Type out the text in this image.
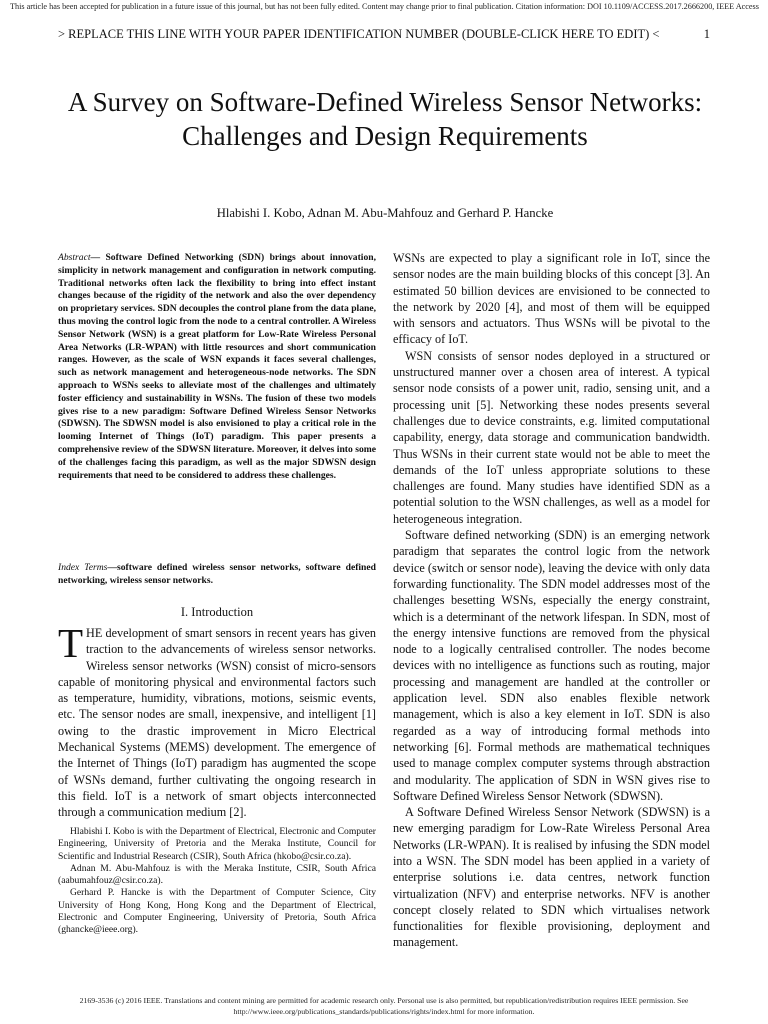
This article has been accepted for publication in a future issue of this journal, but has not been fully edited. Content may change prior to final publication. Citation information: DOI 10.1109/ACCESS.2017.2666200, IEEE Access
> REPLACE THIS LINE WITH YOUR PAPER IDENTIFICATION NUMBER (DOUBLE-CLICK HERE TO EDIT) <	1
A Survey on Software-Defined Wireless Sensor Networks: Challenges and Design Requirements
Hlabishi I. Kobo, Adnan M. Abu-Mahfouz and Gerhard P. Hancke
Abstract— Software Defined Networking (SDN) brings about innovation, simplicity in network management and configuration in network computing. Traditional networks often lack the flexibility to bring into effect instant changes because of the rigidity of the network and also the over dependency on proprietary services. SDN decouples the control plane from the data plane, thus moving the control logic from the node to a central controller. A Wireless Sensor Network (WSN) is a great platform for Low-Rate Wireless Personal Area Networks (LR-WPAN) with little resources and short communication ranges. However, as the scale of WSN expands it faces several challenges, such as network management and heterogeneous-node networks. The SDN approach to WSNs seeks to alleviate most of the challenges and ultimately foster efficiency and sustainability in WSNs. The fusion of these two models gives rise to a new paradigm: Software Defined Wireless Sensor Networks (SDWSN). The SDWSN model is also envisioned to play a critical role in the looming Internet of Things (IoT) paradigm. This paper presents a comprehensive review of the SDWSN literature. Moreover, it delves into some of the challenges facing this paradigm, as well as the major SDWSN design requirements that need to be considered to address these challenges.
Index Terms—software defined wireless sensor networks, software defined networking, wireless sensor networks.
I. Introduction
THE development of smart sensors in recent years has given traction to the advancements of wireless sensor networks. Wireless sensor networks (WSN) consist of micro-sensors capable of monitoring physical and environmental factors such as temperature, humidity, vibrations, motions, seismic events, etc. The sensor nodes are small, inexpensive, and intelligent [1] owing to the drastic improvement in Micro Electrical Mechanical Systems (MEMS) development. The emergence of the Internet of Things (IoT) paradigm has augmented the scope of WSNs demand, further cultivating the ongoing research in this field. IoT is a network of smart objects interconnected through a communication medium [2].

Hlabishi I. Kobo is with the Department of Electrical, Electronic and Computer Engineering, University of Pretoria and the Meraka Institute, Council for Scientific and Industrial Research (CSIR), South Africa (hkobo@csir.co.za).

Adnan M. Abu-Mahfouz is with the Meraka Institute, CSIR, South Africa (aabumahfouz@csir.co.za).

Gerhard P. Hancke is with the Department of Computer Science, City University of Hong Kong, Hong Kong and the Department of Electrical, Electronic and Computer Engineering, University of Pretoria, South Africa (ghancke@ieee.org).

WSNs are expected to play a significant role in IoT, since the sensor nodes are the main building blocks of this concept [3]. An estimated 50 billion devices are envisioned to be connected to the network by 2020 [4], and most of them will be equipped with sensors and actuators. Thus WSNs will be pivotal to the efficacy of IoT.

WSN consists of sensor nodes deployed in a structured or unstructured manner over a chosen area of interest. A typical sensor node consists of a power unit, radio, sensing unit, and a processing unit [5]. Networking these nodes presents several challenges due to device constraints, e.g. limited computational capability, energy, data storage and communication bandwidth. Thus WSNs in their current state would not be able to meet the demands of the IoT unless appropriate solutions to these challenges are found. Many studies have identified SDN as a potential solution to the WSN challenges, as well as a model for heterogeneous integration.

Software defined networking (SDN) is an emerging network paradigm that separates the control logic from the network device (switch or sensor node), leaving the device with only data forwarding functionality. The SDN model addresses most of the challenges besetting WSNs, especially the energy constraint, which is a determinant of the network lifespan. In SDN, most of the energy intensive functions are removed from the physical node to a logically centralised controller. The nodes become devices with no intelligence as functions such as routing, major processing and management are handled at the controller or application level. SDN also enables flexible network management, which is also a key element in IoT. SDN is also regarded as a way of introducing formal methods into networking [6]. Formal methods are mathematical techniques used to manage complex computer systems through abstraction and modularity. The application of SDN in WSN gives rise to Software Defined Wireless Sensor Network (SDWSN).

A Software Defined Wireless Sensor Network (SDWSN) is a new emerging paradigm for Low-Rate Wireless Personal Area Networks (LR-WPAN). It is realised by infusing the SDN model into a WSN. The SDN model has been applied in a variety of enterprise solutions i.e. data centres, network function virtualization (NFV) and enterprise networks. NFV is another concept closely related to SDN which virtualises network functionalities for flexible provisioning, deployment and management.

2169-3536 (c) 2016 IEEE. Translations and content mining are permitted for academic research only. Personal use is also permitted, but republication/redistribution requires IEEE permission. See http://www.ieee.org/publications_standards/publications/rights/index.html for more information.
